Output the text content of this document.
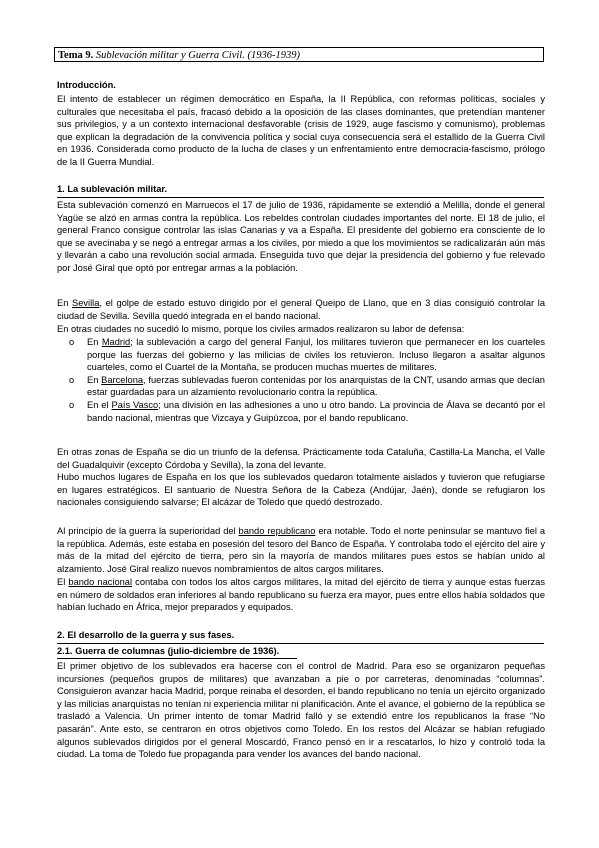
Tema 9. Sublevación militar y Guerra Civil. (1936-1939)
Introducción.
El intento de establecer un régimen democrático en España, la II República, con reformas políticas, sociales y culturales que necesitaba el país, fracasó debido a la oposición de las clases dominantes, que pretendían mantener sus privilegios, y a un contexto internacional desfavorable (crisis de 1929, auge fascismo y comunismo), problemas que explican la degradación de la convivencia política y social cuya consecuencia será el estallido de la Guerra Civil en 1936. Considerada como producto de la lucha de clases y un enfrentamiento entre democracia-fascismo, prólogo de la II Guerra Mundial.
1. La sublevación militar.
Esta sublevación comenzó en Marruecos el 17 de julio de 1936, rápidamente se extendió a Melilla, donde el general Yagüe se alzó en armas contra la república. Los rebeldes controlan ciudades importantes del norte. El 18 de julio, el general Franco consigue controlar las islas Canarias y va a España. El presidente del gobierno era consciente de lo que se avecinaba y se negó a entregar armas a los civiles, por miedo a que los movimientos se radicalizarán aún más y llevarán a cabo una revolución social armada. Enseguida tuvo que dejar la presidencia del gobierno y fue relevado por José Giral que optó por entregar armas a la población.
En Sevilla, el golpe de estado estuvo dirigido por el general Queipo de Llano, que en 3 días consiguió controlar la ciudad de Sevilla. Sevilla quedó integrada en el bando nacional.
En otras ciudades no sucedió lo mismo, porque los civiles armados realizaron su labor de defensa:
o En Madrid; la sublevación a cargo del general Fanjul, los militares tuvieron que permanecer en los cuarteles porque las fuerzas del gobierno y las milicias de civiles los retuvieron. Incluso llegaron a asaltar algunos cuarteles, como el Cuartel de la Montaña, se producen muchas muertes de militares.
o En Barcelona, fuerzas sublevadas fueron contenidas por los anarquistas de la CNT, usando armas que decían estar guardadas para un alzamiento revolucionario contra la república.
o En el País Vasco; una división en las adhesiones a uno u otro bando. La provincia de Álava se decantó por el bando nacional, mientras que Vizcaya y Guipúzcoa, por el bando republicano.
En otras zonas de España se dio un triunfo de la defensa. Prácticamente toda Cataluña, Castilla-La Mancha, el Valle del Guadalquivir (excepto Córdoba y Sevilla), la zona del levante.
Hubo muchos lugares de España en los que los sublevados quedaron totalmente aislados y tuvieron que refugiarse en lugares estratégicos. El santuario de Nuestra Señora de la Cabeza (Andújar, Jaén), donde se refugiaron los nacionales consiguiendo salvarse; El alcázar de Toledo que quedó destrozado.
Al principio de la guerra la superioridad del bando republicano era notable. Todo el norte peninsular se mantuvo fiel a la república. Además, este estaba en posesión del tesoro del Banco de España. Y controlaba todo el ejército del aire y más de la mitad del ejército de tierra, pero sin la mayoría de mandos militares pues estos se habían unido al alzamiento. José Giral realizo nuevos nombramientos de altos cargos militares.
El bando nacional contaba con todos los altos cargos militares, la mitad del ejército de tierra y aunque estas fuerzas en número de soldados eran inferiores al bando republicano su fuerza era mayor, pues entre ellos había soldados que habían luchado en África, mejor preparados y equipados.
2. El desarrollo de la guerra y sus fases.
2.1. Guerra de columnas (julio-diciembre de 1936).
El primer objetivo de los sublevados era hacerse con el control de Madrid. Para eso se organizaron pequeñas incursiones (pequeños grupos de militares) que avanzaban a pie o por carreteras, denominadas “columnas”. Consiguieron avanzar hacia Madrid, porque reinaba el desorden, el bando republicano no tenía un ejército organizado y las milicias anarquistas no tenían ni experiencia militar ni planificación. Ante el avance, el gobierno de la república se trasladó a Valencia. Un primer intento de tomar Madrid falló y se extendió entre los republicanos la frase “No pasarán”. Ante esto, se centraron en otros objetivos como Toledo. En los restos del Alcázar se habían refugiado algunos sublevados dirigidos por el general Moscardó, Franco pensó en ir a rescatarlos, lo hizo y controló toda la ciudad. La toma de Toledo fue propaganda para vender los avances del bando nacional.
